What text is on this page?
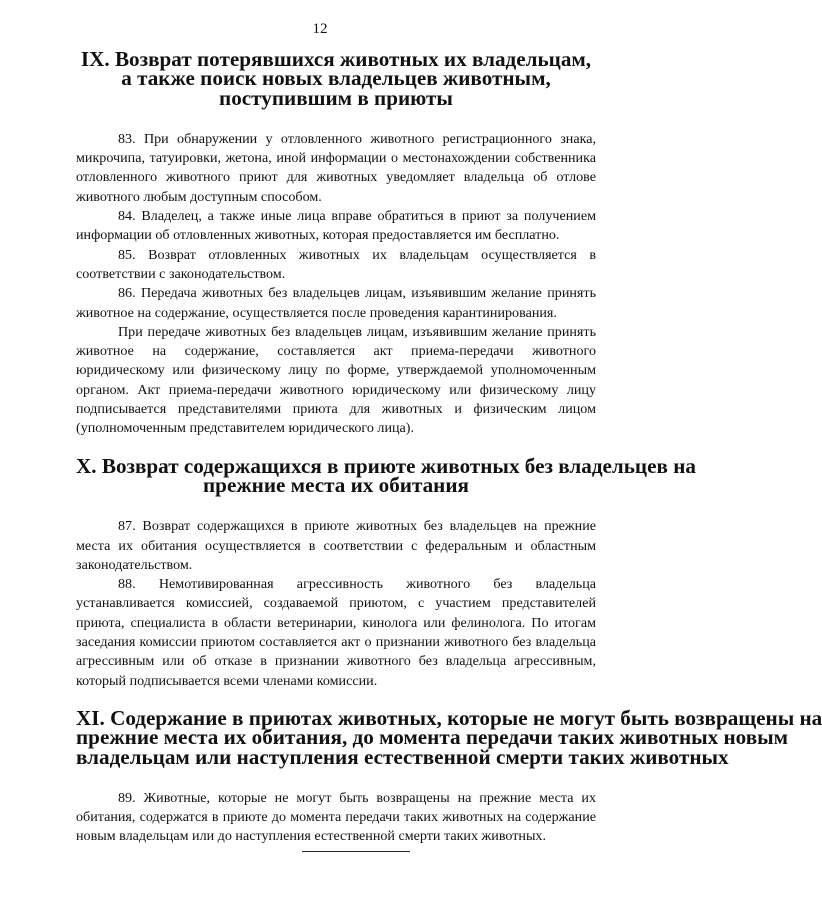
12
IX. Возврат потерявшихся животных их владельцам,
а также поиск новых владельцев животным,
поступившим в приюты

83. При обнаружении у отловленного животного регистрационного знака, микрочипа, татуировки, жетона, иной информации о местонахождении собственника отловленного животного приют для животных уведомляет владельца об отлове животного любым доступным способом.

84. Владелец, а также иные лица вправе обратиться в приют за получением информации об отловленных животных, которая предоставляется им бесплатно.

85. Возврат отловленных животных их владельцам осуществляется в соответствии с законодательством.

86. Передача животных без владельцев лицам, изъявившим желание принять животное на содержание, осуществляется после проведения карантинирования.

При передаче животных без владельцев лицам, изъявившим желание принять животное на содержание, составляется акт приема-передачи животного юридическому или физическому лицу по форме, утверждаемой уполномоченным органом. Акт приема-передачи животного юридическому или физическому лицу подписывается представителями приюта для животных и физическим лицом (уполномоченным представителем юридического лица).

X. Возврат содержащихся в приюте животных без владельцев на
прежние места их обитания

87. Возврат содержащихся в приюте животных без владельцев на прежние места их обитания осуществляется в соответствии с федеральным и областным законодательством.

88. Немотивированная агрессивность животного без владельца устанавливается комиссией, создаваемой приютом, с участием представителей приюта, специалиста в области ветеринарии, кинолога или фелинолога. По итогам заседания комиссии приютом составляется акт о признании животного без владельца агрессивным или об отказе в признании животного без владельца агрессивным, который подписывается всеми членами комиссии.

XI. Содержание в приютах животных, которые не могут быть возвращены на
прежние места их обитания, до момента передачи таких животных новым
владельцам или наступления естественной смерти таких животных

89. Животные, которые не могут быть возвращены на прежние места их обитания, содержатся в приюте до момента передачи таких животных на содержание новым владельцам или до наступления естественной смерти таких животных.
